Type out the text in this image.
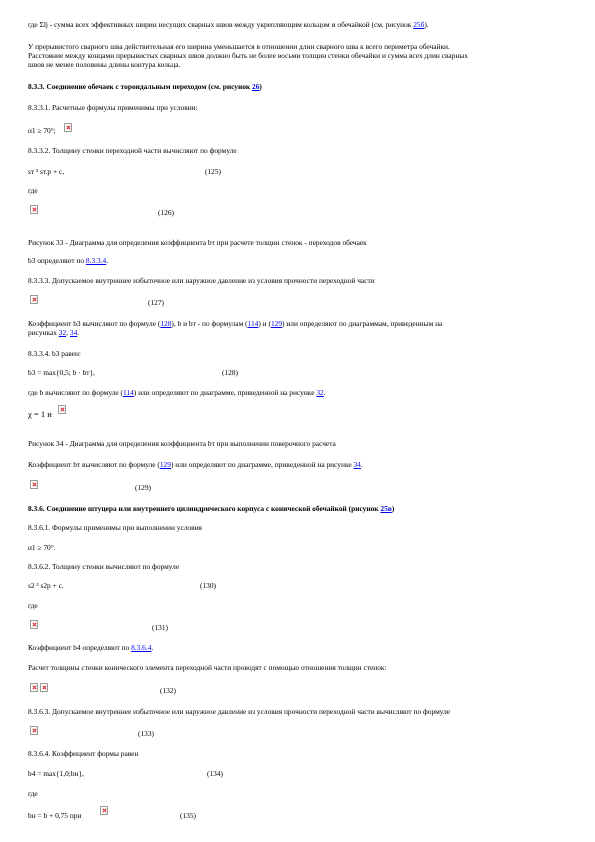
где Σlj - сумма всех эффективных ширин несущих сварных швов между укрепляющим кольцом и обечайкой (см. рисунок 25б).
У прерывистого сварного шва действительная его ширина уменьшается в отношении длин сварного шва к всего периметра обечайки.
Расстояние между концами прерывистых сварных швов должно быть не более восьми толщин стенки обечайки и сумма всех длин сварных
швов не менее половины длины контура кольца.
8.3.3. Соединение обечаек с тороидальным переходом (см. рисунок 26)
8.3.3.1. Расчетные формулы применимы при условии:
α1 ≥ 70°;
8.3.3.2. Толщину стенки переходной части вычисляют по формуле
sт ³ sт.р + c,	(125)
где
(126)
Рисунок 33 - Диаграмма для определения коэффициента bт при расчете толщин стенок - переходов обечаек
b3 определяют по 8.3.3.4.
8.3.3.3. Допускаемое внутреннее избыточное или наружное давление из условия прочности переходной части
(127)
Коэффициент b3 вычисляют по формуле (128), b и bт - по формулам (114) и (129) или определяют по диаграммам, приведенным на
рисунках 32, 34.
8.3.3.4. b3 равен:
b3 = max{0,5; b · bт},	(128)
где b вычисляют по формуле (114) или определяют по диаграмме, приведенной на рисунке 32.
χ = 1 и
Рисунок 34 - Диаграмма для определения коэффициента bт при выполнении поверочного расчета
Коэффициент bт вычисляют по формуле (129) или определяют по диаграмме, приведенной на рисунке 34.
(129)
8.3.6. Соединение штуцера или внутреннего цилиндрического корпуса с конической обечайкой (рисунок 25в)
8.3.6.1. Формулы применимы при выполнении условия
α1 ≥ 70°.
8.3.6.2. Толщину стенки вычисляют по формуле
s2 ³ s2р + c.	(130)
где
(131)
Коэффициент b4 определяют по 8.3.6.4.
Расчет толщины стенки конического элемента переходной части проводят с помощью отношения толщин стенок:
(132)
8.3.6.3. Допускаемое внутреннее избыточное или наружное давление из условия прочности переходной части вычисляют по формуле
(133)
8.3.6.4. Коэффициент формы равен
b4 = max{1,0;bн},	(134)
где
bн = b + 0,75 при	(135)
